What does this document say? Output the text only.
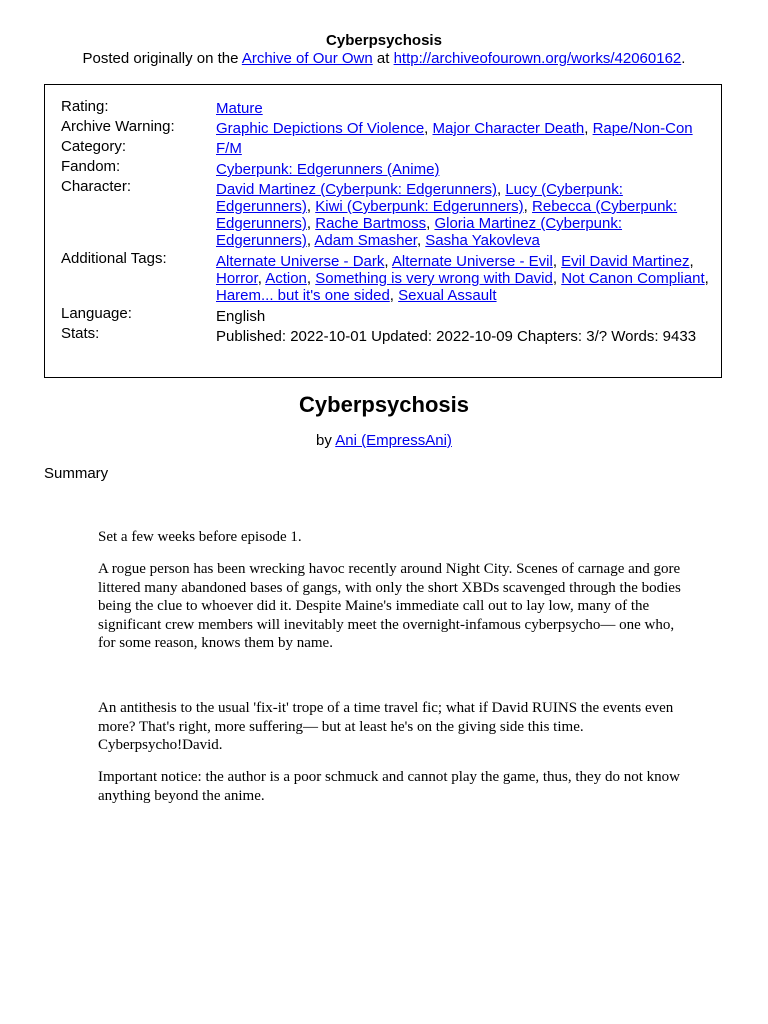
Cyberpsychosis
Posted originally on the Archive of Our Own at http://archiveofourown.org/works/42060162.
Rating:	Mature
Archive Warning:	Graphic Depictions Of Violence, Major Character Death, Rape/Non-Con
Category:	F/M
Fandom:	Cyberpunk: Edgerunners (Anime)
Character:	David Martinez (Cyberpunk: Edgerunners), Lucy (Cyberpunk: Edgerunners), Kiwi (Cyberpunk: Edgerunners), Rebecca (Cyberpunk: Edgerunners), Rache Bartmoss, Gloria Martinez (Cyberpunk: Edgerunners), Adam Smasher, Sasha Yakovleva
Additional Tags:	Alternate Universe - Dark, Alternate Universe - Evil, Evil David Martinez, Horror, Action, Something is very wrong with David, Not Canon Compliant, Harem... but it's one sided, Sexual Assault
Language:	English
Stats:	Published: 2022-10-01 Updated: 2022-10-09 Chapters: 3/? Words: 9433
Cyberpsychosis
by Ani (EmpressAni)
Summary

Set a few weeks before episode 1.

A rogue person has been wrecking havoc recently around Night City. Scenes of carnage and gore littered many abandoned bases of gangs, with only the short XBDs scavenged through the bodies being the clue to whoever did it. Despite Maine's immediate call out to lay low, many of the significant crew members will inevitably meet the overnight-infamous cyberpsycho— one who, for some reason, knows them by name.

An antithesis to the usual 'fix-it' trope of a time travel fic; what if David RUINS the events even more? That's right, more suffering— but at least he's on the giving side this time. Cyberpsycho!David.

Important notice: the author is a poor schmuck and cannot play the game, thus, they do not know anything beyond the anime.
